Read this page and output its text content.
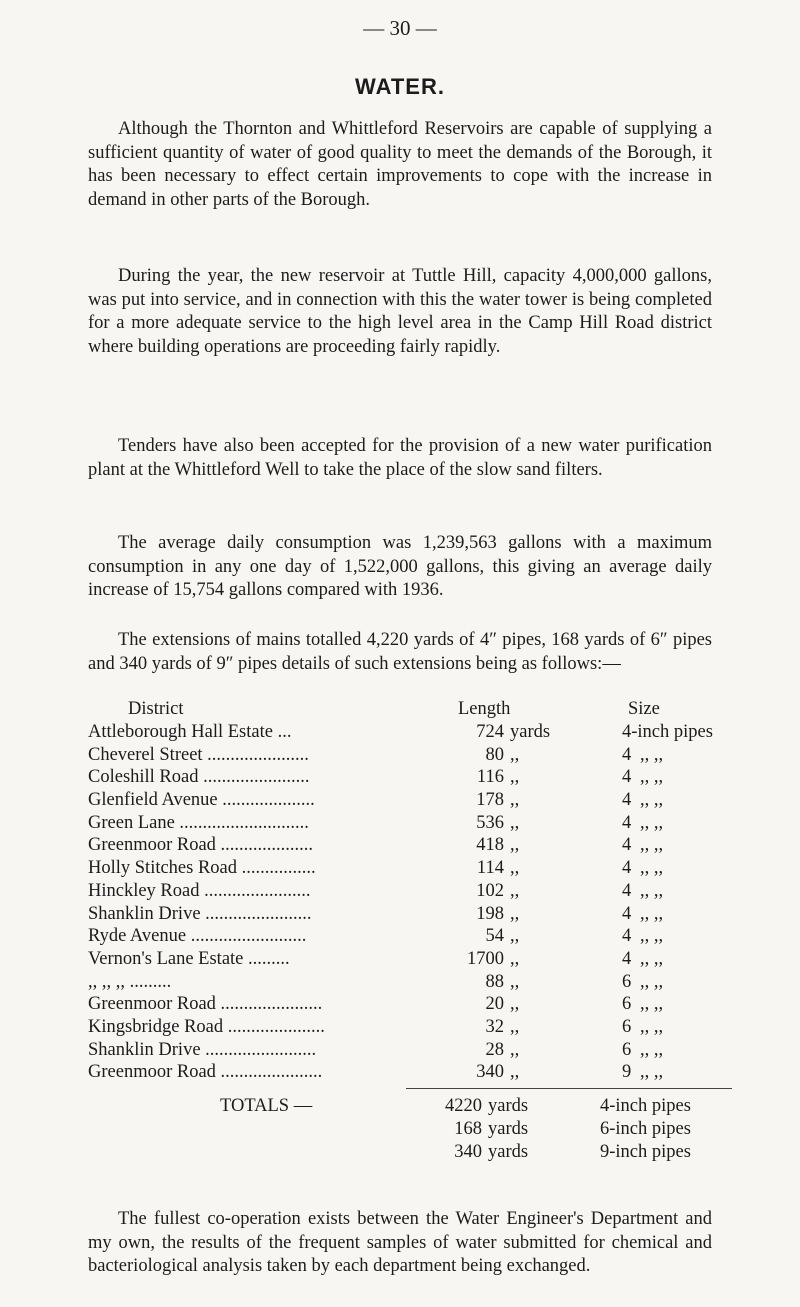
— 30 —
WATER.

Although the Thornton and Whittleford Reservoirs are capable of supplying a sufficient quantity of water of good quality to meet the demands of the Borough, it has been necessary to effect certain improvements to cope with the increase in demand in other parts of the Borough.

During the year, the new reservoir at Tuttle Hill, capacity 4,000,000 gallons, was put into service, and in connection with this the water tower is being completed for a more adequate service to the high level area in the Camp Hill Road district where building operations are proceeding fairly rapidly.

Tenders have also been accepted for the provision of a new water purification plant at the Whittleford Well to take the place of the slow sand filters.

The average daily consumption was 1,239,563 gallons with a maximum consumption in any one day of 1,522,000 gallons, this giving an average daily increase of 15,754 gallons compared with 1936.

The extensions of mains totalled 4,220 yards of 4″ pipes, 168 yards of 6″ pipes and 340 yards of 9″ pipes details of such extensions being as follows:—

District	Length	Size
Attleborough Hall Estate ...	724 yards	4-inch pipes
Cheverel Street ......................	80 ,,	4 ,, ,,
Coleshill Road .......................	116 ,,	4 ,, ,,
Glenfield Avenue ....................	178 ,,	4 ,, ,,
Green Lane ............................	536 ,,	4 ,, ,,
Greenmoor Road ....................	418 ,,	4 ,, ,,
Holly Stitches Road ................	114 ,,	4 ,, ,,
Hinckley Road .......................	102 ,,	4 ,, ,,
Shanklin Drive .......................	198 ,,	4 ,, ,,
Ryde Avenue .........................	54 ,,	4 ,, ,,
Vernon's Lane Estate .........	1700 ,,	4 ,, ,,
,, ,, ,, .........	88 ,,	6 ,, ,,
Greenmoor Road ......................	20 ,,	6 ,, ,,
Kingsbridge Road .....................	32 ,,	6 ,, ,,
Shanklin Drive ........................	28 ,,	6 ,, ,,
Greenmoor Road ......................	340 ,,	9 ,, ,,
TOTALS —	4220 yards	4-inch pipes
168 yards	6-inch pipes
340 yards	9-inch pipes

The fullest co-operation exists between the Water Engineer's Department and my own, the results of the frequent samples of water submitted for chemical and bacteriological analysis taken by each department being exchanged.
